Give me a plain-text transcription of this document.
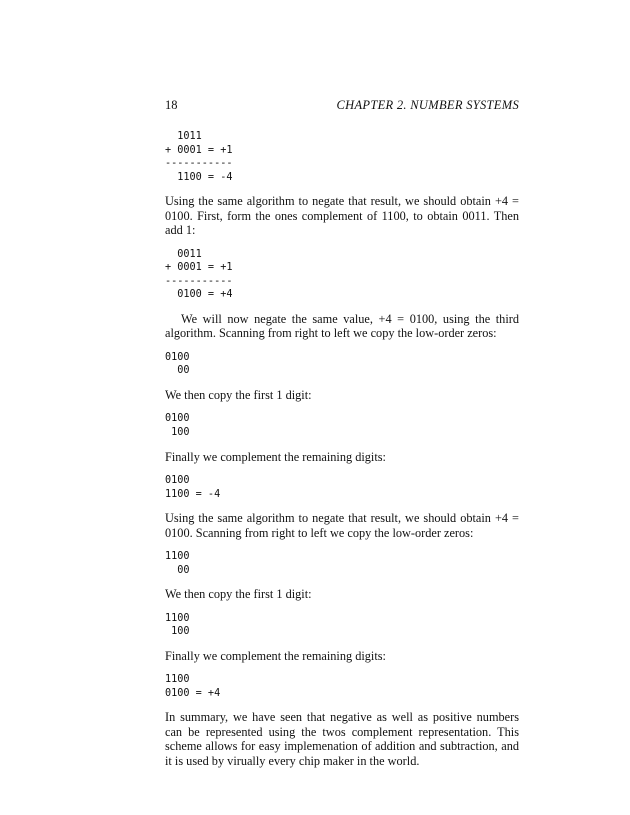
18	CHAPTER 2. NUMBER SYSTEMS
1011
+ 0001 = +1
-----------
1100 = -4

Using the same algorithm to negate that result, we should obtain +4 = 0100. First, form the ones complement of 1100, to obtain 0011. Then add 1:

0011
+ 0001 = +1
-----------
0100 = +4

We will now negate the same value, +4 = 0100, using the third algorithm. Scanning from right to left we copy the low-order zeros:

0100
00

We then copy the first 1 digit:

0100
100

Finally we complement the remaining digits:

0100
1100 = -4

Using the same algorithm to negate that result, we should obtain +4 = 0100. Scanning from right to left we copy the low-order zeros:

1100
00

We then copy the first 1 digit:

1100
100

Finally we complement the remaining digits:

1100
0100 = +4

In summary, we have seen that negative as well as positive numbers can be represented using the twos complement representation. This scheme allows for easy implemenation of addition and subtraction, and it is used by virually every chip maker in the world.
